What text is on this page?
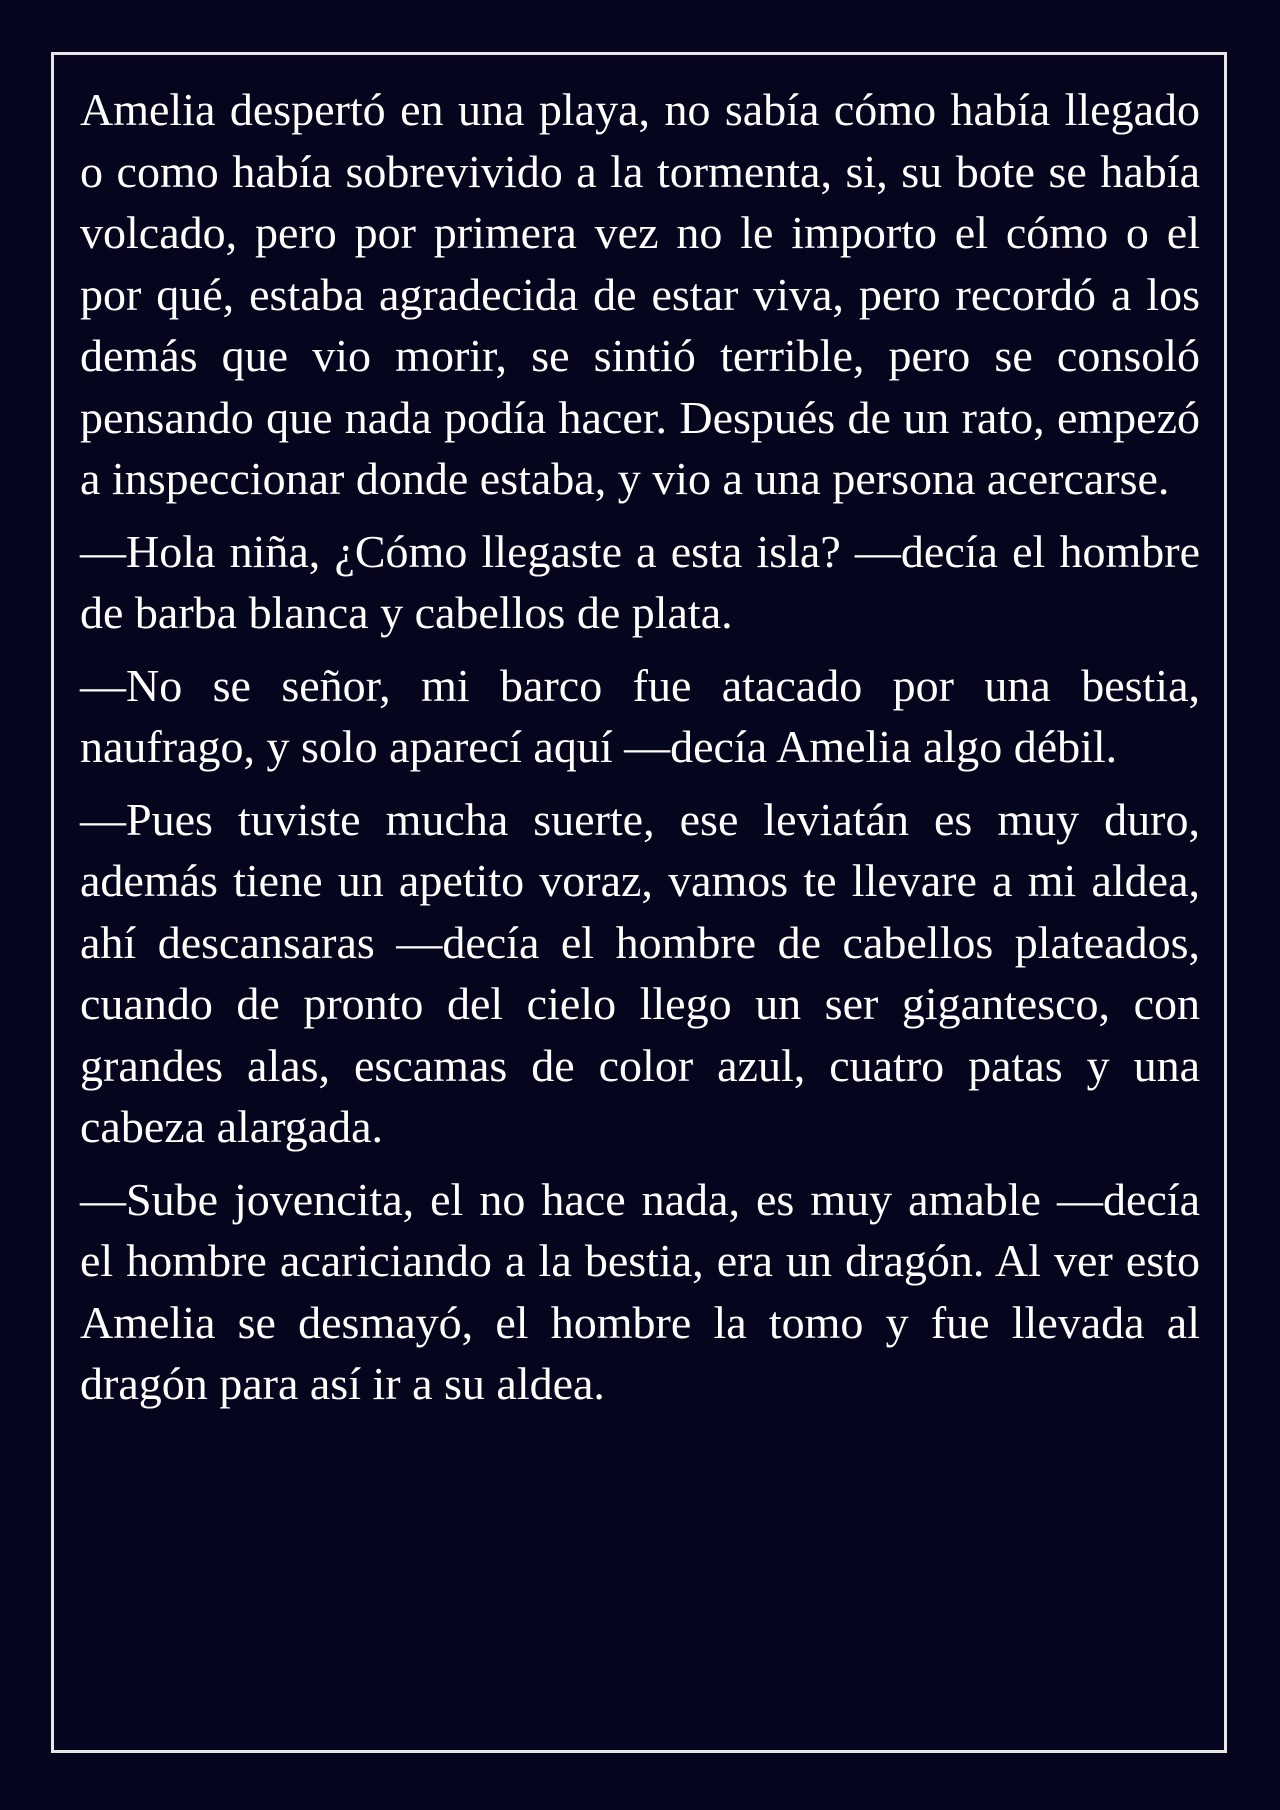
Amelia despertó en una playa, no sabía cómo había llegado o como había sobrevivido a la tormenta, si, su bote se había volcado, pero por primera vez no le importo el cómo o el por qué, estaba agradecida de estar viva, pero recordó a los demás que vio morir, se sintió terrible, pero se consoló pensando que nada podía hacer. Después de un rato, empezó a inspeccionar donde estaba, y vio a una persona acercarse.

—Hola niña, ¿Cómo llegaste a esta isla? —decía el hombre de barba blanca y cabellos de plata.

—No se señor, mi barco fue atacado por una bestia, naufrago, y solo aparecí aquí —decía Amelia algo débil.

—Pues tuviste mucha suerte, ese leviatán es muy duro, además tiene un apetito voraz, vamos te llevare a mi aldea, ahí descansaras —decía el hombre de cabellos plateados, cuando de pronto del cielo llego un ser gigantesco, con grandes alas, escamas de color azul, cuatro patas y una cabeza alargada.

—Sube jovencita, el no hace nada, es muy amable —decía el hombre acariciando a la bestia, era un dragón. Al ver esto Amelia se desmayó, el hombre la tomo y fue llevada al dragón para así ir a su aldea.
